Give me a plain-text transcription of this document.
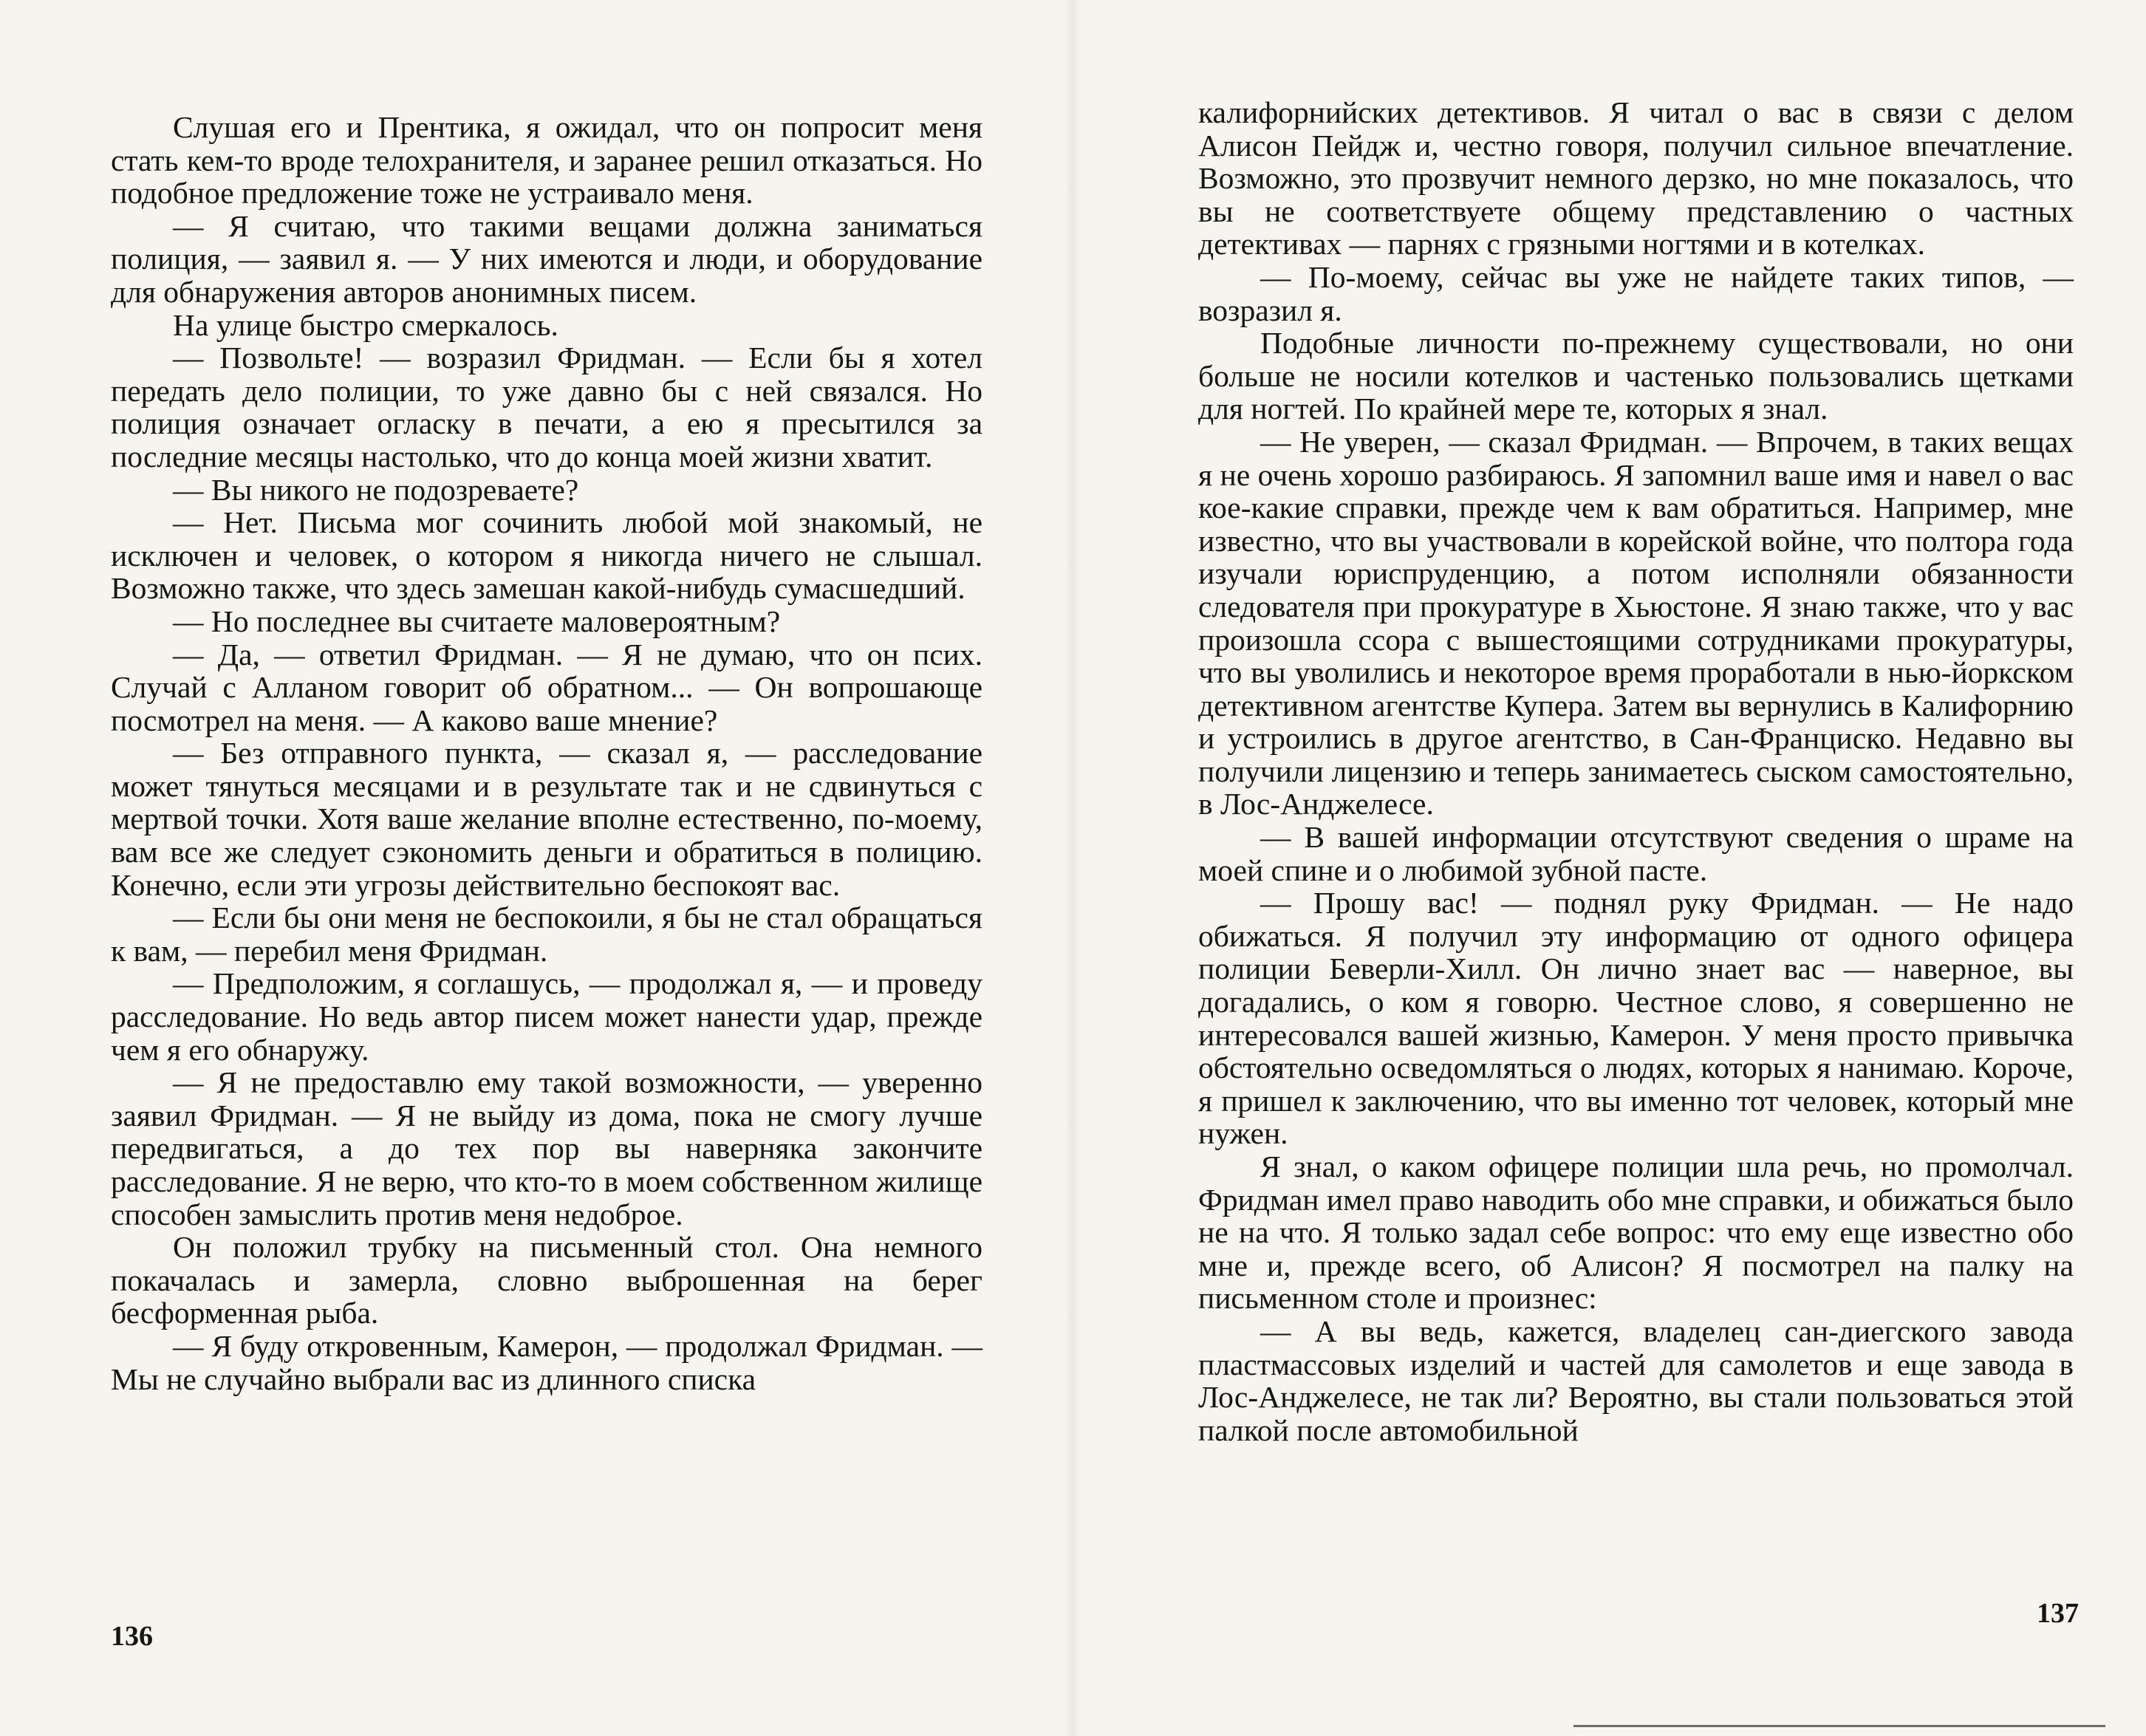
Слушая его и Прентика, я ожидал, что он попросит меня стать кем-то вроде телохранителя, и заранее решил отказаться. Но подобное предложение тоже не устраивало меня.

— Я считаю, что такими вещами должна заниматься полиция, — заявил я. — У них имеются и люди, и оборудование для обнаружения авторов анонимных писем.

На улице быстро смеркалось.

— Позвольте! — возразил Фридман. — Если бы я хотел передать дело полиции, то уже давно бы с ней связался. Но полиция означает огласку в печати, а ею я пресытился за последние месяцы настолько, что до конца моей жизни хватит.

— Вы никого не подозреваете?

— Нет. Письма мог сочинить любой мой знакомый, не исключен и человек, о котором я никогда ничего не слышал. Возможно также, что здесь замешан какой-нибудь сумасшедший.

— Но последнее вы считаете маловероятным?

— Да, — ответил Фридман. — Я не думаю, что он псих. Случай с Алланом говорит об обратном... — Он вопрошающе посмотрел на меня. — А каково ваше мнение?

— Без отправного пункта, — сказал я, — расследование может тянуться месяцами и в результате так и не сдвинуться с мертвой точки. Хотя ваше желание вполне естественно, по-моему, вам все же следует сэкономить деньги и обратиться в полицию. Конечно, если эти угрозы действительно беспокоят вас.

— Если бы они меня не беспокоили, я бы не стал обращаться к вам, — перебил меня Фридман.

— Предположим, я соглашусь, — продолжал я, — и проведу расследование. Но ведь автор писем может нанести удар, прежде чем я его обнаружу.

— Я не предоставлю ему такой возможности, — уверенно заявил Фридман. — Я не выйду из дома, пока не смогу лучше передвигаться, а до тех пор вы наверняка закончите расследование. Я не верю, что кто-то в моем собственном жилище способен замыслить против меня недоброе.

Он положил трубку на письменный стол. Она немного покачалась и замерла, словно выброшенная на берег бесформенная рыба.

— Я буду откровенным, Камерон, — продолжал Фридман. — Мы не случайно выбрали вас из длинного списка

136

калифорнийских детективов. Я читал о вас в связи с делом Алисон Пейдж и, честно говоря, получил сильное впечатление. Возможно, это прозвучит немного дерзко, но мне показалось, что вы не соответствуете общему представлению о частных детективах — парнях с грязными ногтями и в котелках.

— По-моему, сейчас вы уже не найдете таких типов, — возразил я.

Подобные личности по-прежнему существовали, но они больше не носили котелков и частенько пользовались щетками для ногтей. По крайней мере те, которых я знал.

— Не уверен, — сказал Фридман. — Впрочем, в таких вещах я не очень хорошо разбираюсь. Я запомнил ваше имя и навел о вас кое-какие справки, прежде чем к вам обратиться. Например, мне известно, что вы участвовали в корейской войне, что полтора года изучали юриспруденцию, а потом исполняли обязанности следователя при прокуратуре в Хьюстоне. Я знаю также, что у вас произошла ссора с вышестоящими сотрудниками прокуратуры, что вы уволились и некоторое время проработали в нью-йоркском детективном агентстве Купера. Затем вы вернулись в Калифорнию и устроились в другое агентство, в Сан-Франциско. Недавно вы получили лицензию и теперь занимаетесь сыском самостоятельно, в Лос-Анджелесе.

— В вашей информации отсутствуют сведения о шраме на моей спине и о любимой зубной пасте.

— Прошу вас! — поднял руку Фридман. — Не надо обижаться. Я получил эту информацию от одного офицера полиции Беверли-Хилл. Он лично знает вас — наверное, вы догадались, о ком я говорю. Честное слово, я совершенно не интересовался вашей жизнью, Камерон. У меня просто привычка обстоятельно осведомляться о людях, которых я нанимаю. Короче, я пришел к заключению, что вы именно тот человек, который мне нужен.

Я знал, о каком офицере полиции шла речь, но промолчал. Фридман имел право наводить обо мне справки, и обижаться было не на что. Я только задал себе вопрос: что ему еще известно обо мне и, прежде всего, об Алисон? Я посмотрел на палку на письменном столе и произнес:

— А вы ведь, кажется, владелец сан-диегского завода пластмассовых изделий и частей для самолетов и еще завода в Лос-Анджелесе, не так ли? Вероятно, вы стали пользоваться этой палкой после автомобильной

137
